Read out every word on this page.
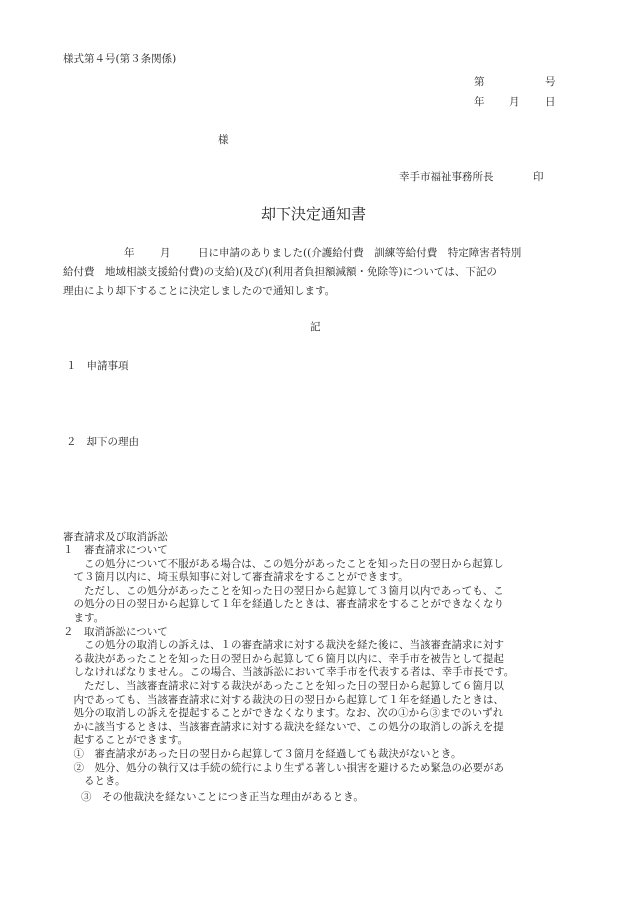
様式第４号(第３条関係)
第	号
年 月 日
様
幸手市福祉事務所長	印
却下決定通知書
年 月	日に申請のありました((介護給付費　訓練等給付費　特定障害者特別
給付費　地域相談支援給付費)の支給)(及び)(利用者負担額減額・免除等)については、下記の
理由により却下することに決定しましたので通知します。
記
１ 申請事項
２ 却下の理由
審査請求及び取消訴訟
１　審査請求について
　　この処分について不服がある場合は、この処分があったことを知った日の翌日から起算し
　て３箇月以内に、埼玉県知事に対して審査請求をすることができます。
　　ただし、この処分があったことを知った日の翌日から起算して３箇月以内であっても、こ
　の処分の日の翌日から起算して１年を経過したときは、審査請求をすることができなくなり
　ます。
２　取消訴訟について
　　この処分の取消しの訴えは、１の審査請求に対する裁決を経た後に、当該審査請求に対す
　る裁決があったことを知った日の翌日から起算して６箇月以内に、幸手市を被告として提起
　しなければなりません。この場合、当該訴訟において幸手市を代表する者は、幸手市長です。
　　ただし、当該審査請求に対する裁決があったことを知った日の翌日から起算して６箇月以
　内であっても、当該審査請求に対する裁決の日の翌日から起算して１年を経過したときは、
　処分の取消しの訴えを提起することができなくなります。なお、次の①から③までのいずれ
　かに該当するときは、当該審査請求に対する裁決を経ないで、この処分の取消しの訴えを提
　起することができます。
　①　審査請求があった日の翌日から起算して３箇月を経過しても裁決がないとき。
　②　処分、処分の執行又は手続の続行により生ずる著しい損害を避けるため緊急の必要があ
　　るとき。
③　その他裁決を経ないことにつき正当な理由があるとき。
